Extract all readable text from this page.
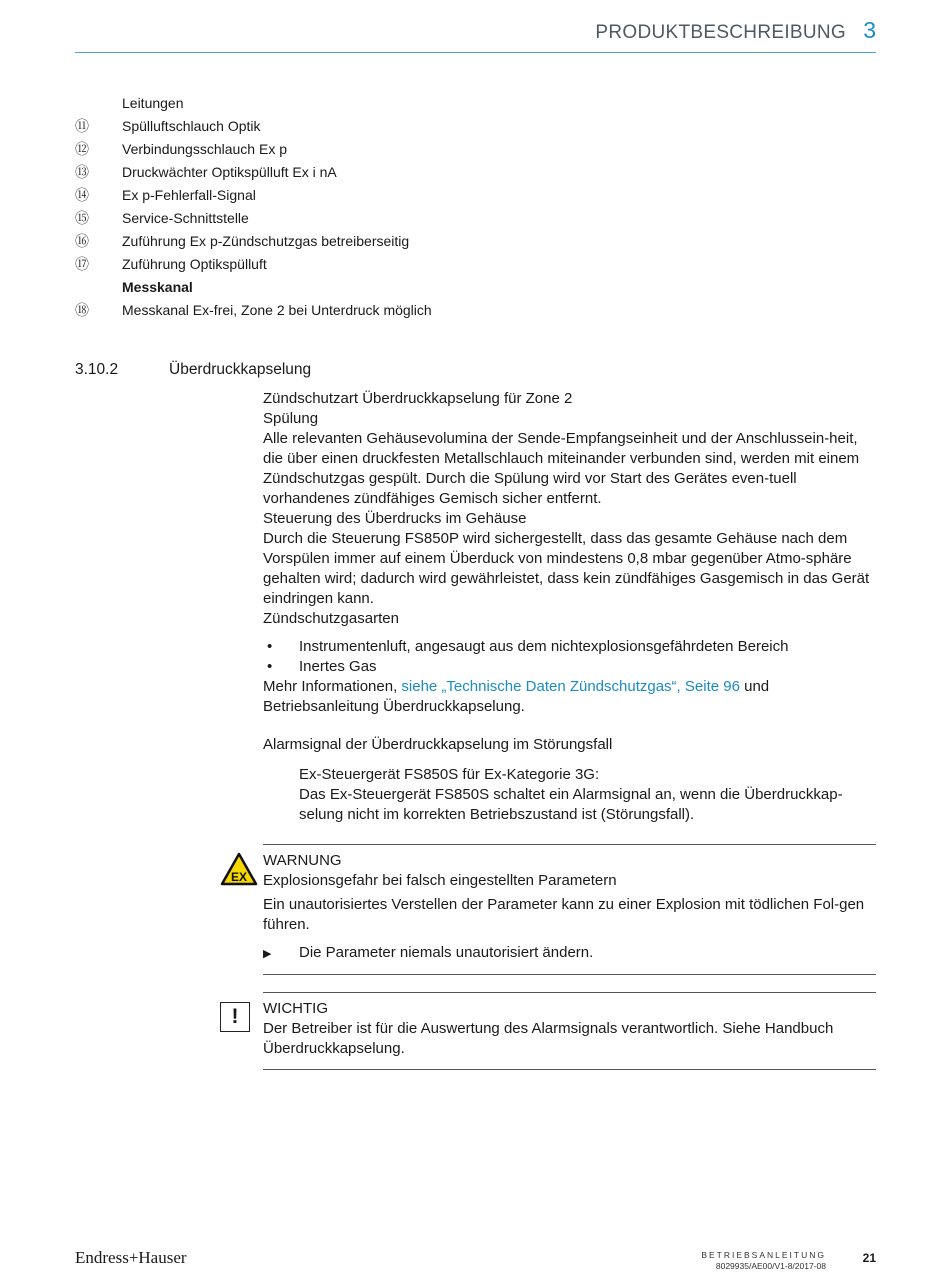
PRODUKTBESCHREIBUNG 3
Leitungen
⑪	Spülluftschlauch Optik
⑫	Verbindungsschlauch Ex p
⑬	Druckwächter Optikspülluft Ex i nA
⑭	Ex p-Fehlerfall-Signal
⑮	Service-Schnittstelle
⑯	Zuführung Ex p-Zündschutzgas betreiberseitig
⑰	Zuführung Optikspülluft
Messkanal
⑱	Messkanal Ex-frei, Zone 2 bei Unterdruck möglich
3.10.2	Überdruckkapselung

Zündschutzart Überdruckkapselung für Zone 2

Spülung

Alle relevanten Gehäusevolumina der Sende-Empfangseinheit und der Anschlussein-heit, die über einen druckfesten Metallschlauch miteinander verbunden sind, werden mit einem Zündschutzgas gespült. Durch die Spülung wird vor Start des Gerätes even-tuell vorhandenes zündfähiges Gemisch sicher entfernt.

Steuerung des Überdrucks im Gehäuse

Durch die Steuerung FS850P wird sichergestellt, dass das gesamte Gehäuse nach dem Vorspülen immer auf einem Überduck von mindestens 0,8 mbar gegenüber Atmo-sphäre gehalten wird; dadurch wird gewährleistet, dass kein zündfähiges Gasgemisch in das Gerät eindringen kann.

Zündschutzgasarten

• Instrumentenluft, angesaugt aus dem nichtexplosionsgefährdeten Bereich
• Inertes Gas

Mehr Informationen, siehe „Technische Daten Zündschutzgas“, Seite 96 und Betriebsanleitung Überdruckkapselung.

Alarmsignal der Überdruckkapselung im Störungsfall

Ex-Steuergerät FS850S für Ex-Kategorie 3G:

Das Ex-Steuergerät FS850S schaltet ein Alarmsignal an, wenn die Überdruckkap-selung nicht im korrekten Betriebszustand ist (Störungsfall).

EX

WARNUNG

Explosionsgefahr bei falsch eingestellten Parametern

Ein unautorisiertes Verstellen der Parameter kann zu einer Explosion mit tödlichen Fol-gen führen.

▶ Die Parameter niemals unautorisiert ändern.

!	WICHTIG

Der Betreiber ist für die Auswertung des Alarmsignals verantwortlich. Siehe Handbuch Überdruckkapselung.

Endress+Hauser	BETRIEBSANLEITUNG
8029935/AE00/V1-8/2017-08
21
